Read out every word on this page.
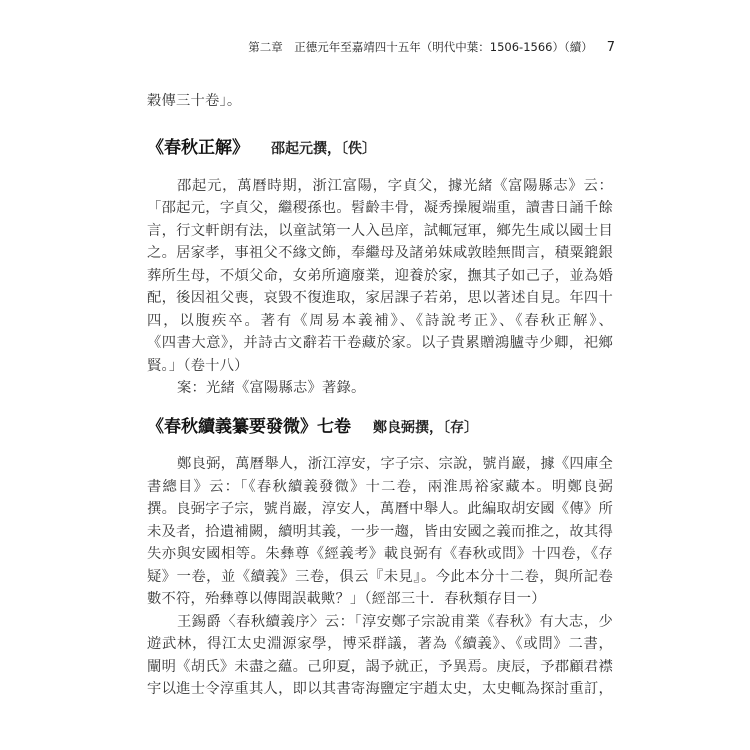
第二章　正德元年至嘉靖四十五年（明代中葉：1506-1566）（續） 7
穀傳三十卷」。
《春秋正解》 邵起元撰，〔佚〕
邵起元，萬曆時期，浙江富陽，字貞父，據光緒《富陽縣志》云：
「邵起元，字貞父，繼稷孫也。髫齡丰骨，凝秀操履端重，讀書日誦千餘
言，行文軒朗有法，以童試第一人入邑庠，試輒冠軍，鄉先生咸以國士目
之。居家孝，事祖父不緣文飾，奉繼母及諸弟妹咸敦睦無間言，積粟鎞銀
葬所生母，不煩父命，女弟所適廢業，迎養於家，撫其子如己子，並為婚
配，後因祖父喪，哀毀不復進取，家居課子若弟，思以著述自見。年四十
四，以腹疾卒。著有《周易本義補》、《詩說考正》、《春秋正解》、
《四書大意》，并詩古文辭若干卷藏於家。以子貴累贈鴻臚寺少卿，祀鄉
賢。」（卷十八）
案：光緒《富陽縣志》著錄。
《春秋續義纂要發微》七卷 鄭良弼撰，〔存〕
鄭良弼，萬曆舉人，浙江淳安，字子宗、宗說，號肖巖，據《四庫全
書總目》云：「《春秋續義發微》十二卷，兩淮馬裕家藏本。明鄭良弼
撰。良弼字子宗，號肖巖，淳安人，萬曆中舉人。此編取胡安國《傳》所
未及者，拾遺補闕，續明其義，一步一趨，皆由安國之義而推之，故其得
失亦與安國相等。朱彝尊《經義考》載良弼有《春秋或問》十四卷，《存
疑》一卷，並《續義》三卷，俱云『未見』。今此本分十二卷，與所記卷
數不符，殆彝尊以傳聞誤載歟？」（經部三十．春秋類存目一）
王錫爵〈春秋續義序〉云：「淳安鄭子宗說甫業《春秋》有大志，少
遊武林，得江太史淵源家學，博采群議，著為《續義》、《或問》二書，
闡明《胡氏》未盡之蘊。己卯夏，謁予就正，予異焉。庚辰，予郡顧君襟
宇以進士令淳重其人，即以其書寄海鹽定宇趙太史，太史輒為探討重訂，
